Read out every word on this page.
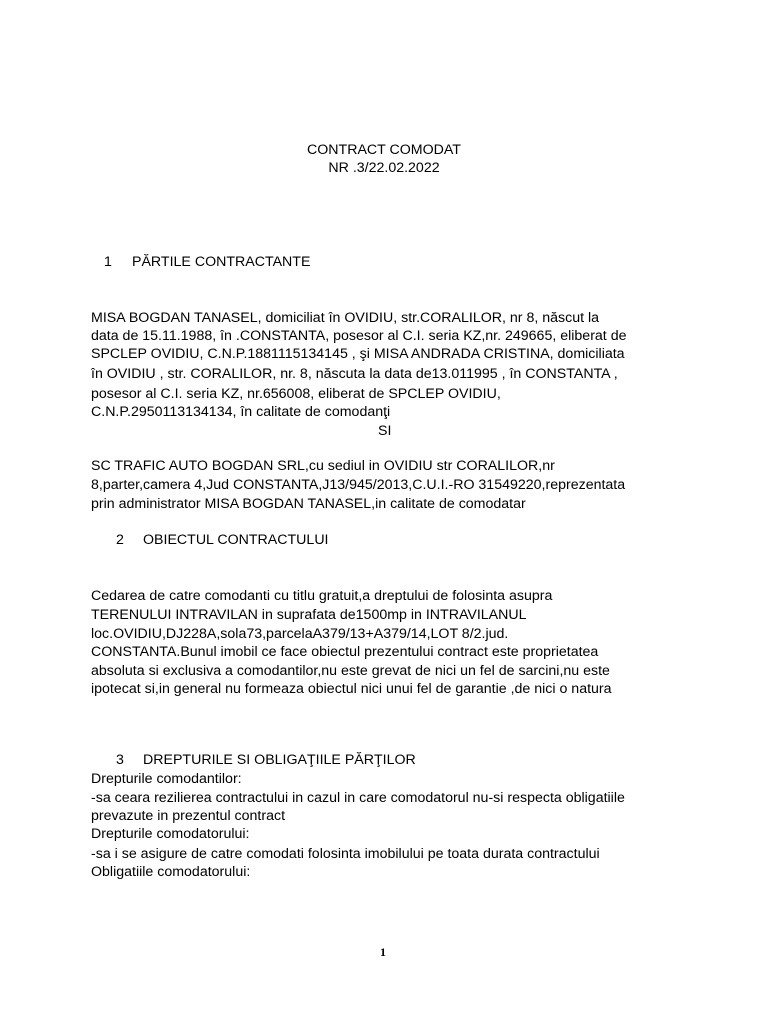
CONTRACT COMODAT
NR .3/22.02.2022
1 PĂRTILE CONTRACTANTE
MISA BOGDAN TANASEL, domiciliat în OVIDIU, str.CORALILOR, nr 8, născut la
data de 15.11.1988, în .CONSTANTA, posesor al C.I. seria KZ,nr. 249665, eliberat de
SPCLEP OVIDIU, C.N.P.1881115134145 , şi MISA ANDRADA CRISTINA, domiciliata
în OVIDIU , str. CORALILOR, nr. 8, născuta la data de13.011995 , în CONSTANTA ,
posesor al C.I. seria KZ, nr.656008, eliberat de SPCLEP OVIDIU,
C.N.P.2950113134134, în calitate de comodanţi
SI
SC TRAFIC AUTO BOGDAN SRL,cu sediul in OVIDIU str CORALILOR,nr
8,parter,camera 4,Jud CONSTANTA,J13/945/2013,C.U.I.-RO 31549220,reprezentata
prin administrator MISA BOGDAN TANASEL,in calitate de comodatar
2 OBIECTUL CONTRACTULUI
Cedarea de catre comodanti cu titlu gratuit,a dreptului de folosinta asupra
TERENULUI INTRAVILAN in suprafata de1500mp in INTRAVILANUL
loc.OVIDIU,DJ228A,sola73,parcelaA379/13+A379/14,LOT 8/2.jud.
CONSTANTA.Bunul imobil ce face obiectul prezentului contract este proprietatea
absoluta si exclusiva a comodantilor,nu este grevat de nici un fel de sarcini,nu este
ipotecat si,in general nu formeaza obiectul nici unui fel de garantie ,de nici o natura
3 DREPTURILE SI OBLIGAŢIILE PĂRŢILOR
Drepturile comodantilor:
-sa ceara rezilierea contractului in cazul in care comodatorul nu-si respecta obligatiile
prevazute in prezentul contract
Drepturile comodatorului:
-sa i se asigure de catre comodati folosinta imobilului pe toata durata contractului
Obligatiile comodatorului:
1
